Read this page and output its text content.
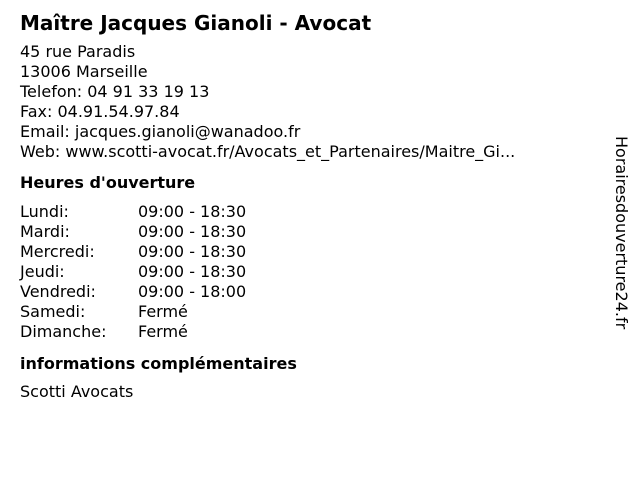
Maître Jacques Gianoli - Avocat
45 rue Paradis
13006 Marseille
Telefon: 04 91 33 19 13
Fax: 04.91.54.97.84
Email: jacques.gianoli@wanadoo.fr
Web: www.scotti-avocat.fr/Avocats_et_Partenaires/Maitre_Gi...
Heures d'ouverture
Lundi:	09:00 - 18:30
Mardi:	09:00 - 18:30
Mercredi:	09:00 - 18:30
Jeudi:	09:00 - 18:30
Vendredi:	09:00 - 18:00
Samedi:	Fermé
Dimanche:	Fermé
informations complémentaires
Scotti Avocats
Horairesdouverture24.fr
